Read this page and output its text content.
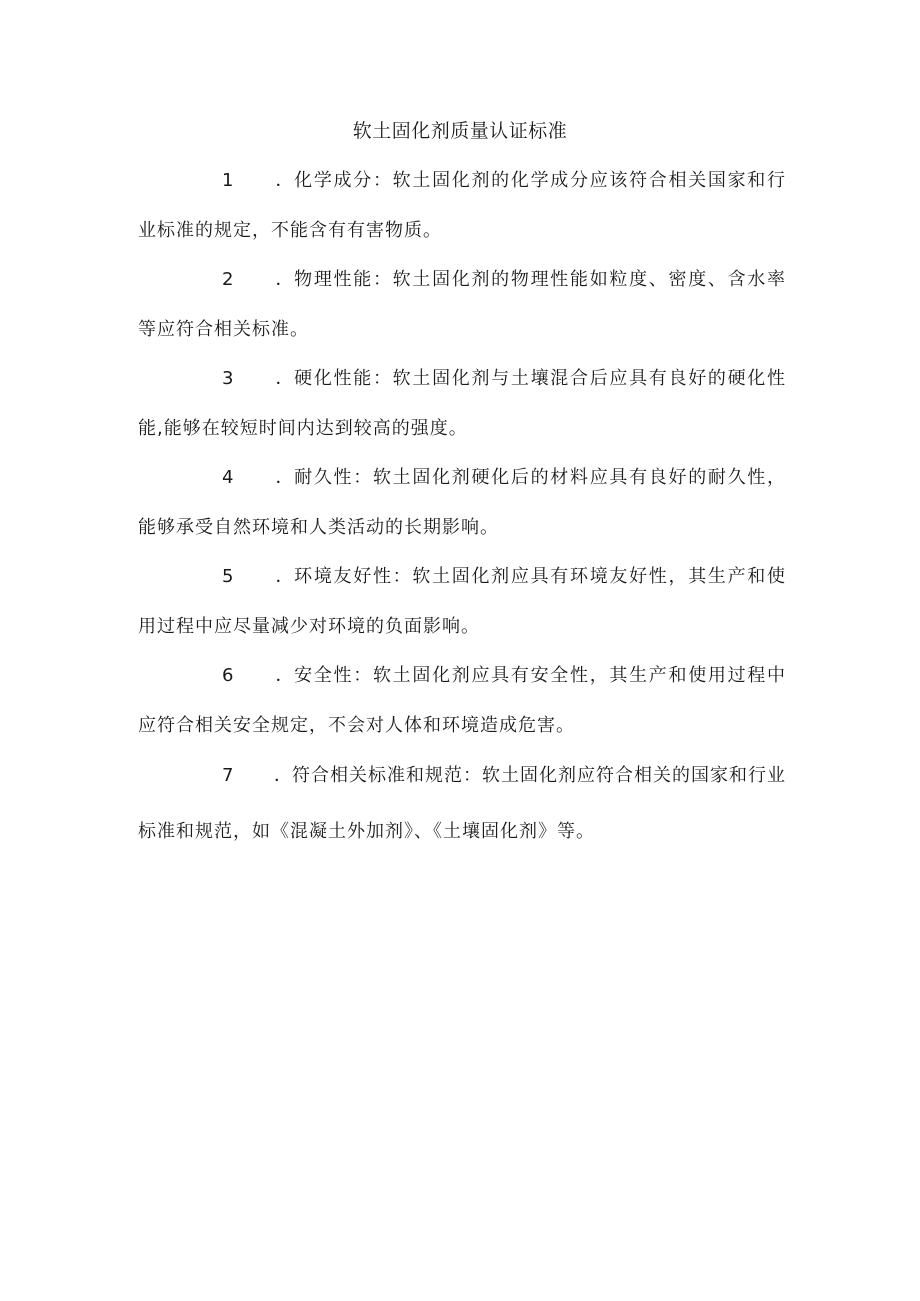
软土固化剂质量认证标准

1 ．化学成分：软土固化剂的化学成分应该符合相关国家和行业标准的规定，不能含有有害物质。

2 ．物理性能：软土固化剂的物理性能如粒度、密度、含水率等应符合相关标准。

3 ．硬化性能：软土固化剂与土壤混合后应具有良好的硬化性能,能够在较短时间内达到较高的强度。

4 ．耐久性：软土固化剂硬化后的材料应具有良好的耐久性，能够承受自然环境和人类活动的长期影响。

5 ．环境友好性：软土固化剂应具有环境友好性，其生产和使用过程中应尽量减少对环境的负面影响。

6 ．安全性：软土固化剂应具有安全性，其生产和使用过程中应符合相关安全规定，不会对人体和环境造成危害。

7 ．符合相关标准和规范：软土固化剂应符合相关的国家和行业标准和规范，如《混凝土外加剂》、《土壤固化剂》等。
